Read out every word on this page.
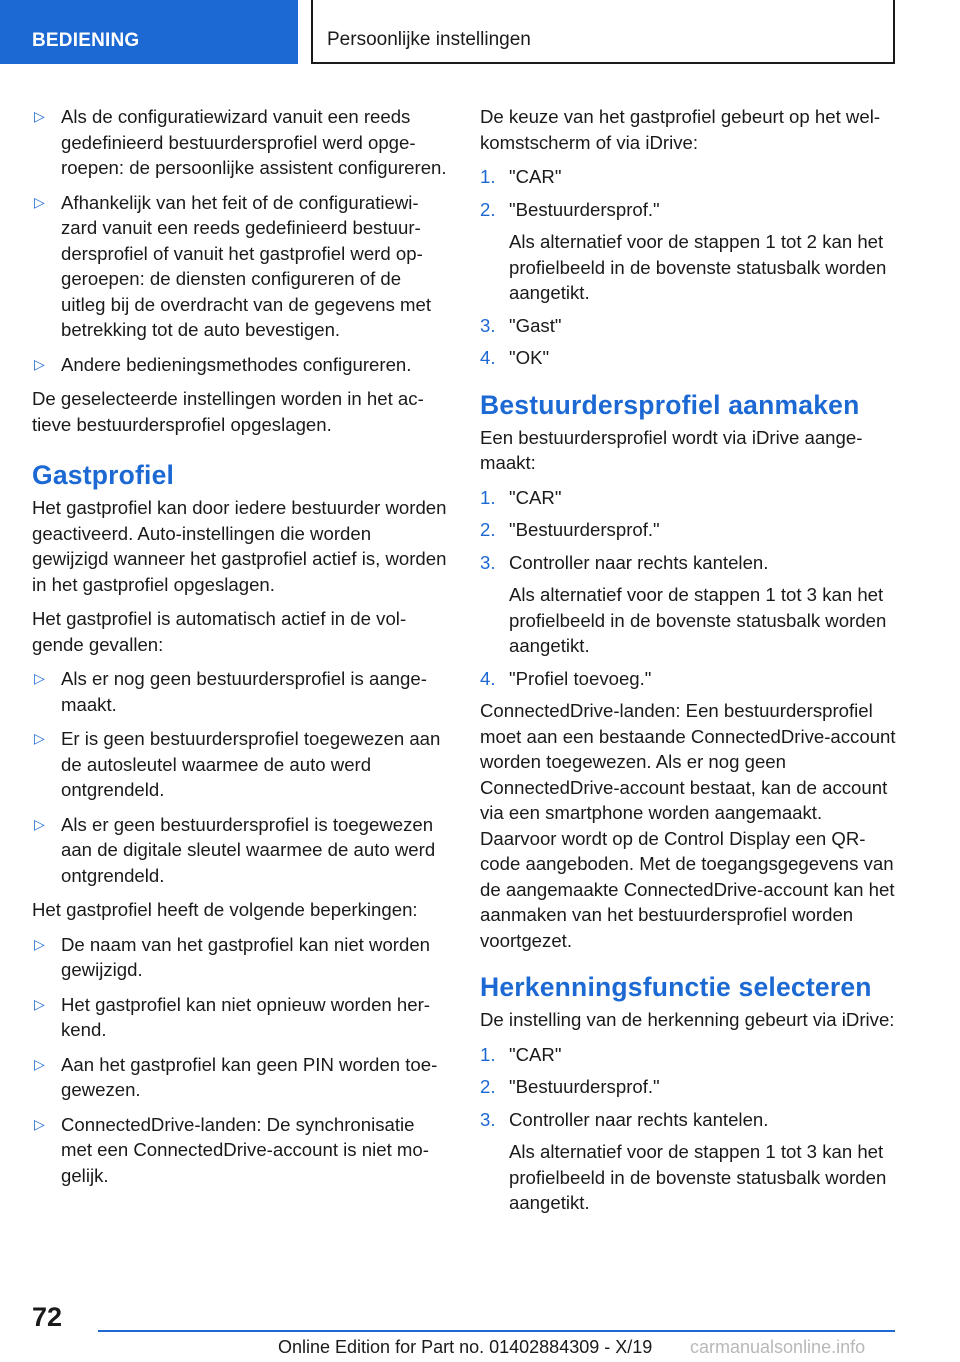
BEDIENING	Persoonlijke instellingen
▷ Als de configuratiewizard vanuit een reeds gedefinieerd bestuurdersprofiel werd opgeroepen: de persoonlijke assistent configureren.
▷ Afhankelijk van het feit of de configuratiewizard vanuit een reeds gedefinieerd bestuurdersprofiel of vanuit het gastprofiel werd opgeroepen: de diensten configureren of de uitleg bij de overdracht van de gegevens met betrekking tot de auto bevestigen.
▷ Andere bedieningsmethodes configureren.

De geselecteerde instellingen worden in het actieve bestuurdersprofiel opgeslagen.

Gastprofiel

Het gastprofiel kan door iedere bestuurder worden geactiveerd. Auto-instellingen die worden gewijzigd wanneer het gastprofiel actief is, worden in het gastprofiel opgeslagen.

Het gastprofiel is automatisch actief in de volgende gevallen:

▷ Als er nog geen bestuurdersprofiel is aangemaakt.
▷ Er is geen bestuurdersprofiel toegewezen aan de autosleutel waarmee de auto werd ontgrendeld.
▷ Als er geen bestuurdersprofiel is toegewezen aan de digitale sleutel waarmee de auto werd ontgrendeld.

Het gastprofiel heeft de volgende beperkingen:

▷ De naam van het gastprofiel kan niet worden gewijzigd.
▷ Het gastprofiel kan niet opnieuw worden herkend.
▷ Aan het gastprofiel kan geen PIN worden toegewezen.
▷ ConnectedDrive-landen: De synchronisatie met een ConnectedDrive-account is niet mogelijk.

De keuze van het gastprofiel gebeurt op het welkomstscherm of via iDrive:

1. "CAR"
2. "Bestuurdersprof."
Als alternatief voor de stappen 1 tot 2 kan het profielbeeld in de bovenste statusbalk worden aangetikt.
3. "Gast"
4. "OK"
Bestuurdersprofiel aanmaken

Een bestuurdersprofiel wordt via iDrive aangemaakt:

1. "CAR"
2. "Bestuurdersprof."
3. Controller naar rechts kantelen.
Als alternatief voor de stappen 1 tot 3 kan het profielbeeld in de bovenste statusbalk worden aangetikt.
4. "Profiel toevoeg."

ConnectedDrive-landen: Een bestuurdersprofiel moet aan een bestaande ConnectedDrive-account worden toegewezen. Als er nog geen ConnectedDrive-account bestaat, kan de account via een smartphone worden aangemaakt. Daarvoor wordt op de Control Display een QR-code aangeboden. Met de toegangsgegevens van de aangemaakte ConnectedDrive-account kan het aanmaken van het bestuurdersprofiel worden voortgezet.

Herkenningsfunctie selecteren

De instelling van de herkenning gebeurt via iDrive:

1. "CAR"
2. "Bestuurdersprof."
3. Controller naar rechts kantelen.
Als alternatief voor de stappen 1 tot 3 kan het profielbeeld in de bovenste statusbalk worden aangetikt.
72
Online Edition for Part no. 01402884309 - X/19 carmanualsonline.info
